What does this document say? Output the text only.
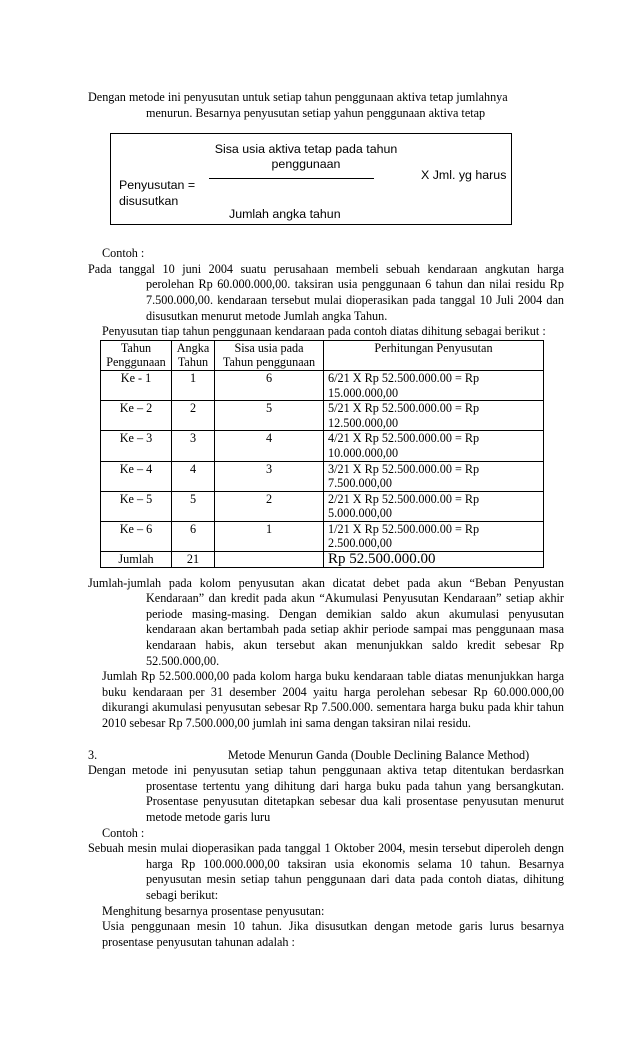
Dengan metode ini penyusutan untuk setiap tahun penggunaan aktiva tetap jumlahnya

menurun. Besarnya penyusutan setiap yahun penggunaan aktiva tetap

Sisa usia aktiva tetap pada tahun
penggunaan
Penyusutan =
disusutkan
X Jml. yg harus
Jumlah angka tahun

Contoh :

Pada tanggal 10 juni 2004 suatu perusahaan membeli sebuah kendaraan angkutan harga perolehan Rp 60.000.000,00. taksiran usia penggunaan 6 tahun dan nilai residu Rp 7.500.000,00. kendaraan tersebut mulai dioperasikan pada tanggal 10 Juli 2004 dan disusutkan menurut metode Jumlah angka Tahun.

Penyusutan tiap tahun penggunaan kendaraan pada contoh diatas dihitung sebagai berikut :

Tahun Penggunaan	Angka Tahun	Sisa usia pada Tahun penggunaan	Perhitungan Penyusutan
Ke - 1	1	6	6/21 X Rp 52.500.000.00 = Rp
15.000.000,00

Ke – 2	2	5	5/21 X Rp 52.500.000.00 = Rp
12.500.000,00

Ke – 3	3	4	4/21 X Rp 52.500.000.00 = Rp
10.000.000,00

Ke – 4	4	3	3/21 X Rp 52.500.000.00 = Rp
7.500.000,00

Ke – 5	5	2	2/21 X Rp 52.500.000.00 = Rp
5.000.000,00

Ke – 6	6	1	1/21 X Rp 52.500.000.00 = Rp
2.500.000,00

Jumlah	21		Rp 52.500.000.00

Jumlah-jumlah pada kolom penyusutan akan dicatat debet pada akun “Beban Penyustan Kendaraan” dan kredit pada akun “Akumulasi Penyusutan Kendaraan” setiap akhir periode masing-masing. Dengan demikian saldo akun akumulasi penyusutan kendaraan akan bertambah pada setiap akhir periode sampai mas penggunaan masa kendaraan habis, akun tersebut akan menunjukkan saldo kredit sebesar Rp 52.500.000,00.

Jumlah Rp 52.500.000,00 pada kolom harga buku kendaraan table diatas menunjukkan harga buku kendaraan per 31 desember 2004 yaitu harga perolehan sebesar Rp 60.000.000,00 dikurangi akumulasi penyusutan sebesar Rp 7.500.000. sementara harga buku pada khir tahun 2010 sebesar Rp 7.500.000,00 jumlah ini sama dengan taksiran nilai residu.

3.	Metode Menurun Ganda (Double Declining Balance Method)

Dengan metode ini penyusutan setiap tahun penggunaan aktiva tetap ditentukan berdasrkan prosentase tertentu yang dihitung dari harga buku pada tahun yang bersangkutan. Prosentase penyusutan ditetapkan sebesar dua kali prosentase penyusutan menurut metode metode garis luru

Contoh :

Sebuah mesin mulai dioperasikan pada tanggal 1 Oktober 2004, mesin tersebut diperoleh dengn harga Rp 100.000.000,00 taksiran usia ekonomis selama 10 tahun. Besarnya penyusutan mesin setiap tahun penggunaan dari data pada contoh diatas, dihitung sebagi berikut:

Menghitung besarnya prosentase penyusutan:

Usia penggunaan mesin 10 tahun. Jika disusutkan dengan metode garis lurus besarnya prosentase penyusutan tahunan adalah :
